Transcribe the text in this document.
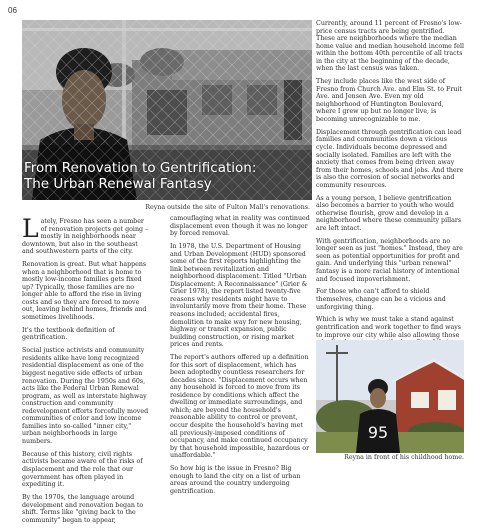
06
From Renovation to Gentrification:
The Urban Renewal Fantasy
Reyna outside the site of Fulton Mall's renovations.

Lately, Fresno has seen a number of renovation projects get going – mostly in neighborhoods near downtown, but also in the southeast and southwestern parts of the city.

Renovation is great. But what happens when a neighborhood that is home to mostly low-income families gets fixed up? Typically, those families are no longer able to afford the rise in living costs and so they are forced to move out, leaving behind homes, friends and sometimes livelihoods.

It's the textbook definition of gentrification.

Social justice activists and community residents alike have long recognized residential displacement as one of the biggest negative side effects of urban renovation. During the 1950s and 60s, acts like the Federal Urban Renewal program, as well as interstate highway construction and community redevelopment efforts forcefully moved communities of color and low income families into so-called "inner city," urban neighborhoods in large numbers.

Because of this history, civil rights activists became aware of the risks of displacement and the role that our government has often played in expediting it.

By the 1970s, the language around development and renovation began to shift. Terms like "giving back to the community" began to appear,

camouflaging what in reality was continued displacement even though it was no longer by forced removal.

In 1978, the U.S. Department of Housing and Urban Development (HUD) sponsored some of the first reports highlighting the link between revitalization and neighborhood displacement. Titled "Urban Displacement: A Reconnaissance" (Grier & Grier 1978), the report listed twenty-five reasons why residents might have to involuntarily move from their home. These reasons included; accidental fires, demolition to make way for new housing, highway or transit expansion, public building construction, or rising market prices and rents.

The report's authors offered up a definition for this sort of displacement, which has been adoptedby countless researchers for decades since. "Displacement occurs when any household is forced to move from its residence by conditions which affect the dwelling or immediate surroundings, and which; are beyond the household's reasonable ability to control or prevent, occur despite the household's having met all previously-imposed conditions of occupancy, and make continued occupancy by that household impossible, hazardous or unaffordable."

So how big is the issue in Fresno? Big enough to land the city on a list of urban areas around the country undergoing gentrification.

Currently, around 11 percent of Fresno's low-price census tracts are being gentrified. These are neighborhoods where the median home value and median household income fell within the bottom 40th percentile of all tracts in the city at the beginning of the decade, when the last census was taken.

They include places like the west side of Fresno from Church Ave. and Elm St. to Fruit Ave. and Jensen Ave. Even my old neighborhood of Huntington Boulevard, where I grew up but no longer live, is becoming unrecognizable to me.

Displacement through gentrification can lead families and communities down a vicious cycle. Individuals become depressed and socially isolated. Families are left with the anxiety that comes from being driven away from their homes, schools and jobs. And there is also the corrosion of social networks and community resources.

As a young person, I believe gentrification also becomes a barrier to youth who would otherwise flourish, grow and develop in a neighborhood where these community pillars are left intact.

With gentrification, neighborhoods are no longer seen as just "homes." Instead, they are seen as potential opportunities for profit and gain. And underlying this "urban renewal" fantasy is a more racial history of intentional and focused impoverishment.

For those who can't afford to shield themselves, change can be a vicious and unforgiving thing.

Which is why we must take a stand against gentrification and work together to find ways to improve our city while also allowing those

95
Reyna in front of his childhood home.
